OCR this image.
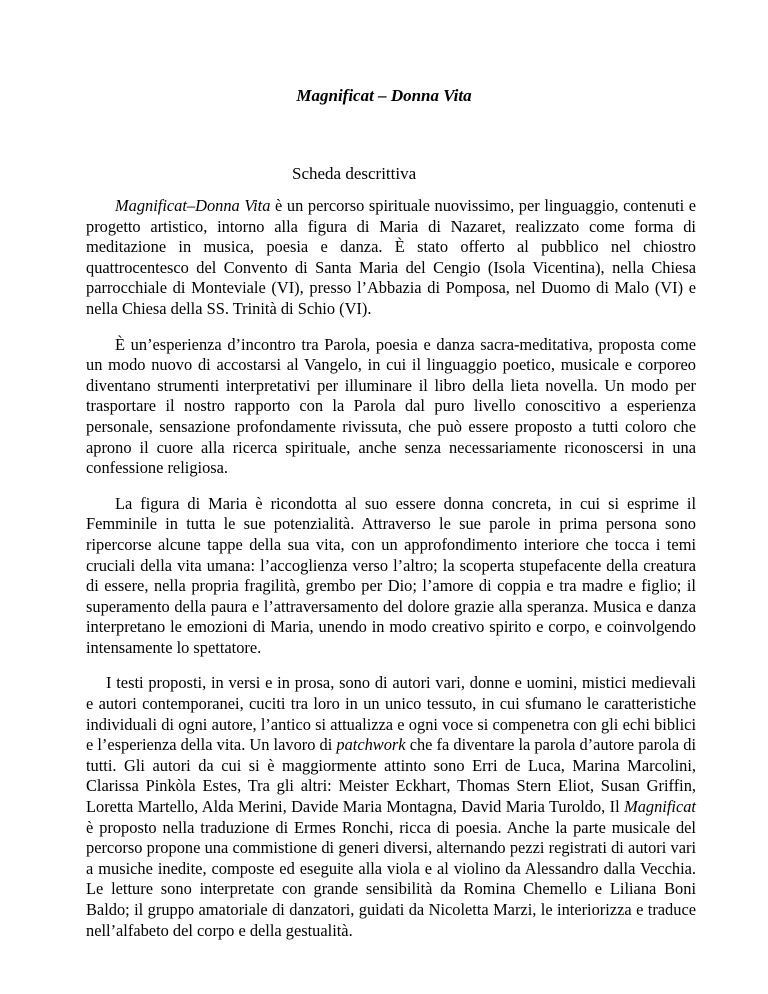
Magnificat – Donna Vita
Scheda descrittiva

Magnificat–Donna Vita è un percorso spirituale nuovissimo, per linguaggio, contenuti e progetto artistico, intorno alla figura di Maria di Nazaret, realizzato come forma di meditazione in musica, poesia e danza. È stato offerto al pubblico nel chiostro quattrocentesco del Convento di Santa Maria del Cengio (Isola Vicentina), nella Chiesa parrocchiale di Monteviale (VI), presso l’Abbazia di Pomposa, nel Duomo di Malo (VI) e nella Chiesa della SS. Trinità di Schio (VI).

È un’esperienza d’incontro tra Parola, poesia e danza sacra-meditativa, proposta come un modo nuovo di accostarsi al Vangelo, in cui il linguaggio poetico, musicale e corporeo diventano strumenti interpretativi per illuminare il libro della lieta novella. Un modo per trasportare il nostro rapporto con la Parola dal puro livello conoscitivo a esperienza personale, sensazione profondamente rivissuta, che può essere proposto a tutti coloro che aprono il cuore alla ricerca spirituale, anche senza necessariamente riconoscersi in una confessione religiosa.

La figura di Maria è ricondotta al suo essere donna concreta, in cui si esprime il Femminile in tutta le sue potenzialità. Attraverso le sue parole in prima persona sono ripercorse alcune tappe della sua vita, con un approfondimento interiore che tocca i temi cruciali della vita umana: l’accoglienza verso l’altro; la scoperta stupefacente della creatura di essere, nella propria fragilità, grembo per Dio; l’amore di coppia e tra madre e figlio; il superamento della paura e l’attraversamento del dolore grazie alla speranza. Musica e danza interpretano le emozioni di Maria, unendo in modo creativo spirito e corpo, e coinvolgendo intensamente lo spettatore.

I testi proposti, in versi e in prosa, sono di autori vari, donne e uomini, mistici medievali e autori contemporanei, cuciti tra loro in un unico tessuto, in cui sfumano le caratteristiche individuali di ogni autore, l’antico si attualizza e ogni voce si compenetra con gli echi biblici e l’esperienza della vita. Un lavoro di patchwork che fa diventare la parola d’autore parola di tutti. Gli autori da cui si è maggiormente attinto sono Erri de Luca, Marina Marcolini, Clarissa Pinkòla Estes, Tra gli altri: Meister Eckhart, Thomas Stern Eliot, Susan Griffin, Loretta Martello, Alda Merini, Davide Maria Montagna, David Maria Turoldo, Il Magnificat è proposto nella traduzione di Ermes Ronchi, ricca di poesia. Anche la parte musicale del percorso propone una commistione di generi diversi, alternando pezzi registrati di autori vari a musiche inedite, composte ed eseguite alla viola e al violino da Alessandro dalla Vecchia. Le letture sono interpretate con grande sensibilità da Romina Chemello e Liliana Boni Baldo; il gruppo amatoriale di danzatori, guidati da Nicoletta Marzi, le interiorizza e traduce nell’alfabeto del corpo e della gestualità.
